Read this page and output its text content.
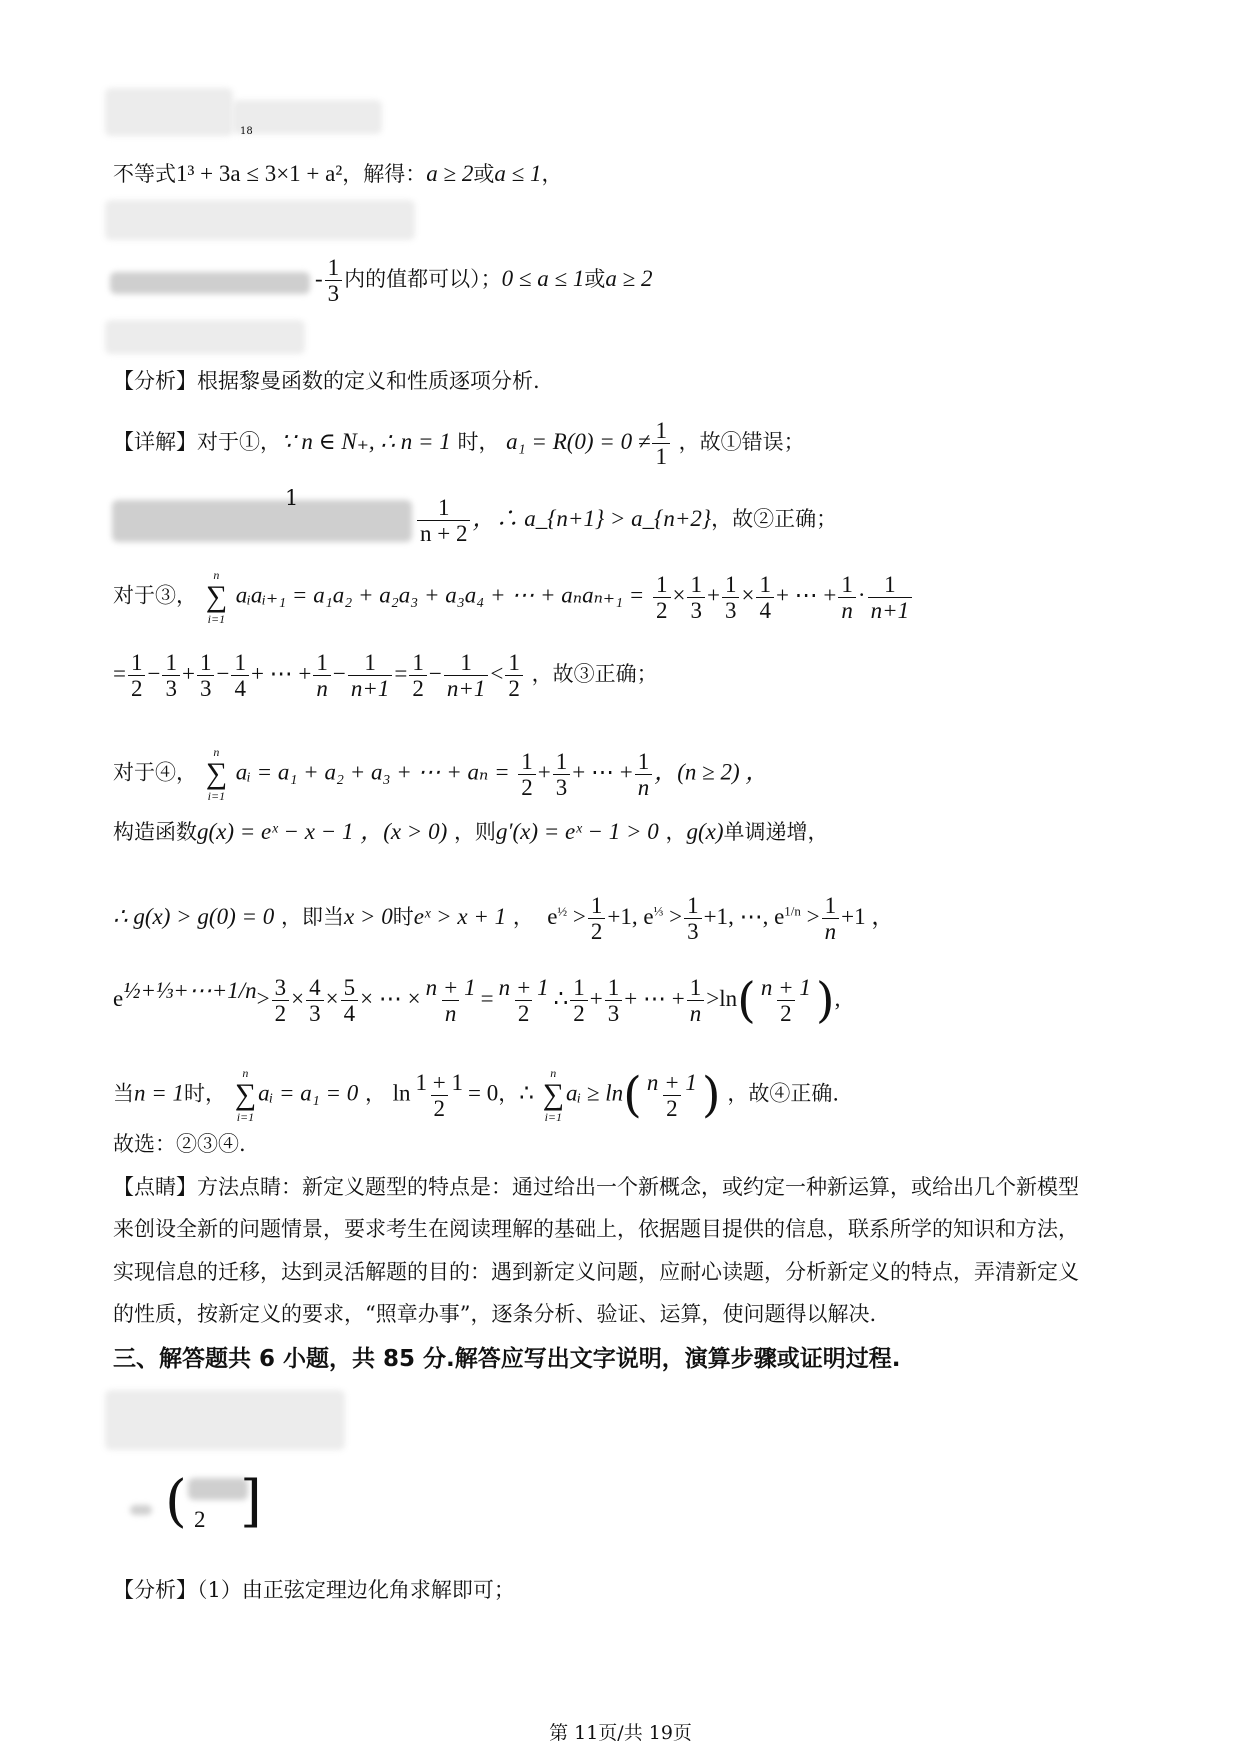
18
不等式1³ + 3a ≤ 3×1 + a²，解得：a ≥ 2或a ≤ 1，
- $\frac{1}{3}$ 内的值都可以）；0 ≤ a ≤ 1或a ≥ 2
【分析】根据黎曼函数的定义和性质逐项分析.
【详解】对于①，∵ n ∈ N₊, ∴ n = 1 时， $a_1 = R(0) = 0 \ne \frac{1}{1}$ ，故①错误；
1	$\frac{1}{n + 2}$ ，∴ a_{n+1} > a_{n+2}，故②正确；
对于③，
n
∑
i=1
aᵢaᵢ₊₁ = a₁a₂ + a₂a₃ + a₃a₄ + ⋯ + $a_na_{n+1} = \frac{1}{2} \times \frac{1}{3} + \frac{1}{3} \times \frac{1}{4}$ + ⋯ + $\frac{1}{n} \cdot \frac{1}{n+1}$
= $\frac{1}{2} - \frac{1}{3} + \frac{1}{3} - \frac{1}{4}$ + ⋯ + $\frac{1}{n} - \frac{1}{n+1} = \frac{1}{2} - \frac{1}{n+1} < \frac{1}{2}$ ，故③正确；
对于④，
n
∑
i=1
aᵢ = a₁ + a₂ + a₃ + ⋯ + $a_n = \frac{1}{2} + \frac{1}{3}$ + ⋯ + $\frac{1}{n}$ ，(n ≥ 2) ，
构造函数g(x) = eˣ − x − 1 ，(x > 0) ，则g′(x) = eˣ − 1 > 0 ，g(x)单调递增，
∴ g(x) > g(0) = 0 ，即当x > 0时eˣ > x + 1 ， $e^{\frac{1}{2}} > \frac{1}{2} +1$, $e^{\frac{1}{3}} > \frac{1}{3} +1$, ⋯, $e^{1/n} > \frac{1}{n} +1$ ，
$e^{\frac{1}{2}+\frac{1}{3}+\cdots+1/n}> \frac{3}{2} \times \frac{4}{3} \times \frac{5}{4}$ × ⋯ × $\frac{n + 1}{n} = \frac{n + 1}{2}$ ∴ $\frac{1}{2} + \frac{1}{3}$ + ⋯ + $\frac{1}{n} >\ln( \frac{n + 1}{2}$ ),
当n = 1时，
n
∑
i=1
aᵢ = a₁ = 0 ， $\ln \frac{1 + 1}{2} = 0$，∴
n
∑
i=1
aᵢ ≥ $\ln( \frac{n + 1}{2}$ ) ，故④正确.
故选：②③④.
【点睛】方法点睛：新定义题型的特点是：通过给出一个新概念，或约定一种新运算，或给出几个新模型
来创设全新的问题情景，要求考生在阅读理解的基础上，依据题目提供的信息，联系所学的知识和方法，
实现信息的迁移，达到灵活解题的目的：遇到新定义问题，应耐心读题，分析新定义的特点，弄清新定义
的性质，按新定义的要求，“照章办事”，逐条分析、验证、运算，使问题得以解决.
三、解答题共 6 小题，共 85 分.解答应写出文字说明，演算步骤或证明过程.
( 2 ]
【分析】（1）由正弦定理边化角求解即可；
第 11页/共 19页
